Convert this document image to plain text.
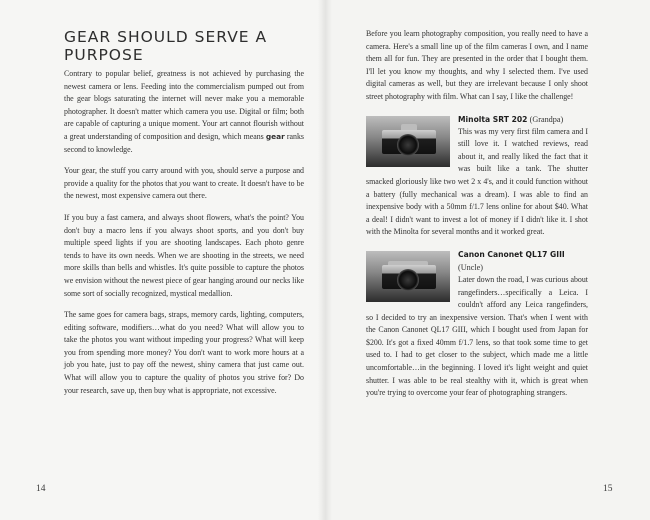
GEAR SHOULD SERVE A PURPOSE

Contrary to popular belief, greatness is not achieved by purchasing the newest camera or lens. Feeding into the commercialism pumped out from the gear blogs saturating the internet will never make you a memorable photographer. It doesn't matter which camera you use. Digital or film; both are capable of capturing a unique moment. Your art cannot flourish without a great understanding of composition and design, which means gear ranks second to knowledge.

Your gear, the stuff you carry around with you, should serve a purpose and provide a quality for the photos that you want to create. It doesn't have to be the newest, most expensive camera out there.

If you buy a fast camera, and always shoot flowers, what's the point? You don't buy a macro lens if you always shoot sports, and you don't buy multiple speed lights if you are shooting landscapes. Each photo genre tends to have its own needs. When we are shooting in the streets, we need more skills than bells and whistles. It's quite possible to capture the photos we envision without the newest piece of gear hanging around our necks like some sort of socially recognized, mystical medallion.

The same goes for camera bags, straps, memory cards, lighting, computers, editing software, modifiers…what do you need? What will allow you to take the photos you want without impeding your progress? What will keep you from spending more money? You don't want to work more hours at a job you hate, just to pay off the newest, shiny camera that just came out. What will allow you to capture the quality of photos you strive for? Do your research, save up, then buy what is appropriate, not excessive.

Before you learn photography composition, you really need to have a camera. Here's a small line up of the film cameras I own, and I name them all for fun. They are presented in the order that I bought them. I'll let you know my thoughts, and why I selected them. I've used digital cameras as well, but they are irrelevant because I only shoot street photography with film. What can I say, I like the challenge!

Minolta SRT 202 (Grandpa)

This was my very first film camera and I still love it. I watched reviews, read about it, and really liked the fact that it was built like a tank. The shutter smacked gloriously like two wet 2 x 4's, and it could function without a battery (fully mechanical was a dream). I was able to find an inexpensive body with a 50mm f/1.7 lens online for about $40. What a deal! I didn't want to invest a lot of money if I didn't like it. I shot with the Minolta for several months and it worked great.

Canon Canonet QL17 GIII (Uncle)

Later down the road, I was curious about rangefinders…specifically a Leica. I couldn't afford any Leica rangefinders, so I decided to try an inexpensive version. That's when I went with the Canon Canonet QL17 GIII, which I bought used from Japan for $200. It's got a fixed 40mm f/1.7 lens, so that took some time to get used to. I had to get closer to the subject, which made me a little uncomfortable…in the beginning. I loved it's light weight and quiet shutter. I was able to be real stealthy with it, which is great when you're trying to overcome your fear of photographing strangers.

14	15
